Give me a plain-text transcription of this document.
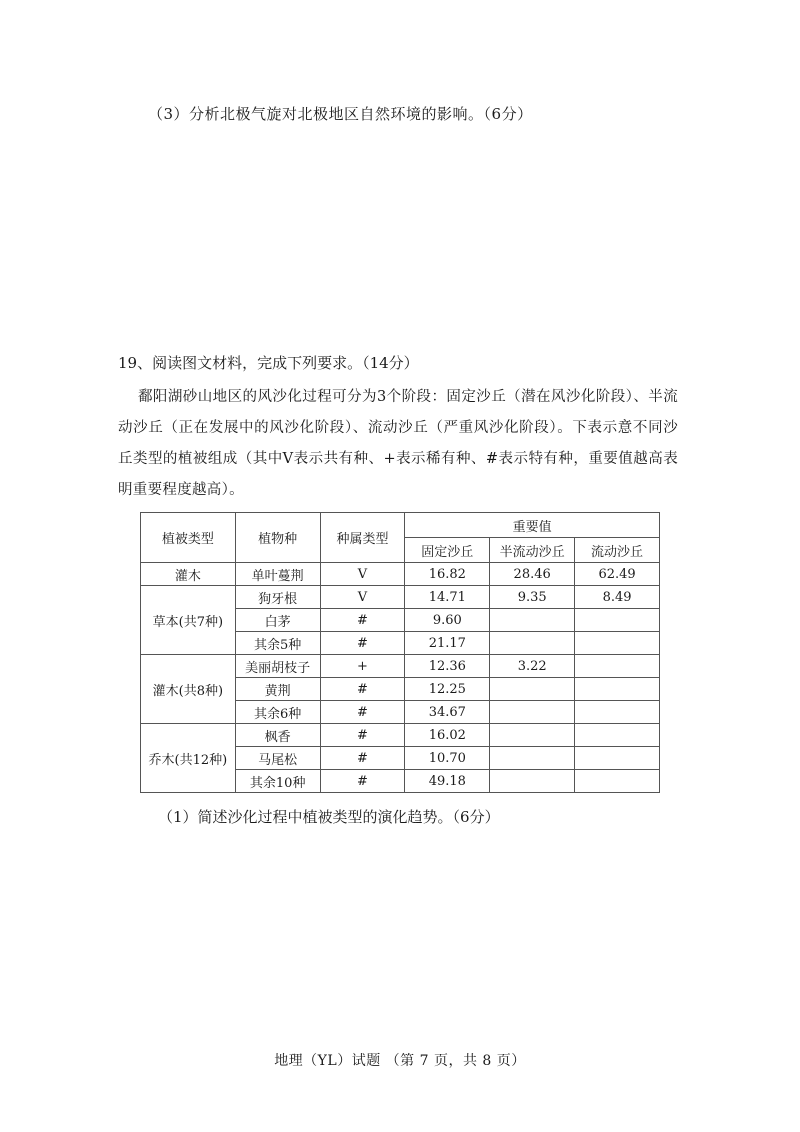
（3）分析北极气旋对北极地区自然环境的影响。（6分）
19、阅读图文材料，完成下列要求。（14分）
鄱阳湖砂山地区的风沙化过程可分为3个阶段：固定沙丘（潜在风沙化阶段）、半流动沙丘（正在发展中的风沙化阶段）、流动沙丘（严重风沙化阶段）。下表示意不同沙丘类型的植被组成（其中V表示共有种、+表示稀有种、#表示特有种，重要值越高表明重要程度越高）。
植被类型	植物种	种属类型	重要值		
			固定沙丘	半流动沙丘	流动沙丘
灌木	单叶蔓荆	V	16.82	28.46	62.49
草本(共7种)	狗牙根	V	14.71	9.35	8.49
	白茅	#	9.60		
	其余5种	#	21.17		
灌木(共8种)	美丽胡枝子	+	12.36	3.22	
	黄荆	#	12.25		
	其余6种	#	34.67		
乔木(共12种)	枫香	#	16.02		
	马尾松	#	10.70		
	其余10种	#	49.18		
（1）简述沙化过程中植被类型的演化趋势。（6分）
地理（YL）试题 （第 7 页，共 8 页）
